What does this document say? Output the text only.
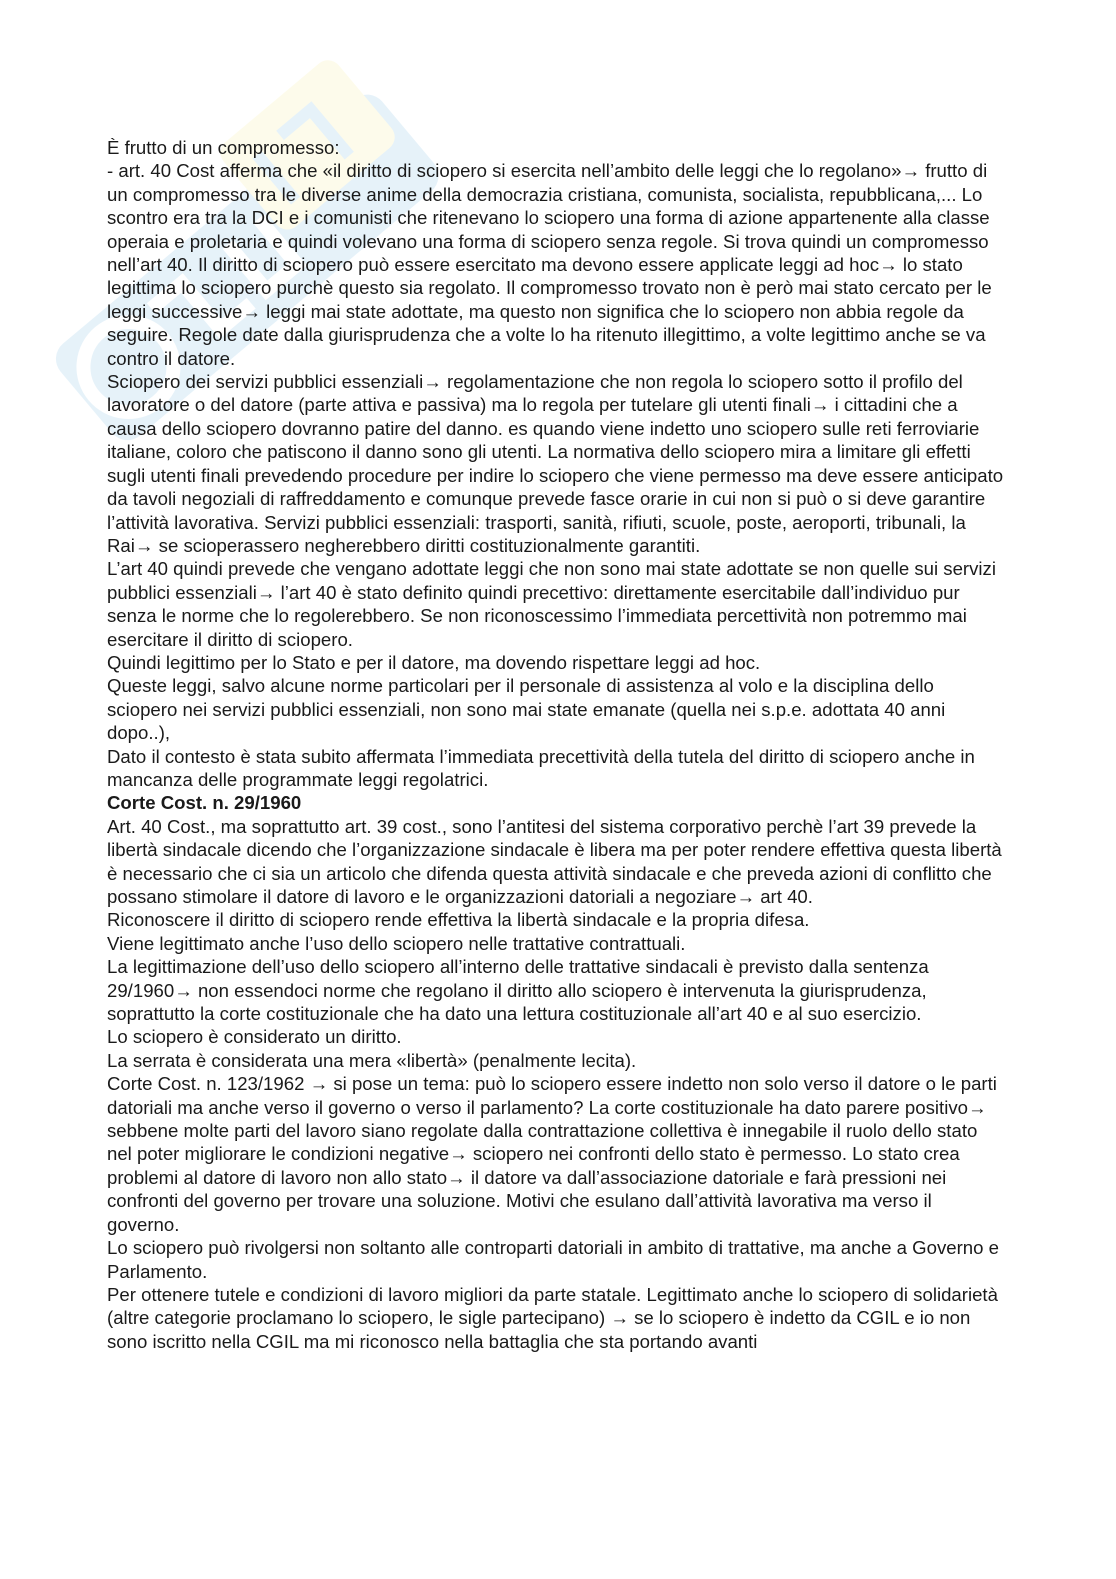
È frutto di un compromesso:

- art. 40 Cost afferma che «il diritto di sciopero si esercita nell’ambito delle leggi che lo regolano»→ frutto di un compromesso tra le diverse anime della democrazia cristiana, comunista, socialista, repubblicana,... Lo scontro era tra la DCI e i comunisti che ritenevano lo sciopero una forma di azione appartenente alla classe operaia e proletaria e quindi volevano una forma di sciopero senza regole. Si trova quindi un compromesso nell’art 40. Il diritto di sciopero può essere esercitato ma devono essere applicate leggi ad hoc→ lo stato legittima lo sciopero purchè questo sia regolato. Il compromesso trovato non è però mai stato cercato per le leggi successive→ leggi mai state adottate, ma questo non significa che lo sciopero non abbia regole da seguire. Regole date dalla giurisprudenza che a volte lo ha ritenuto illegittimo, a volte legittimo anche se va contro il datore.

Sciopero dei servizi pubblici essenziali→ regolamentazione che non regola lo sciopero sotto il profilo del lavoratore o del datore (parte attiva e passiva) ma lo regola per tutelare gli utenti finali→ i cittadini che a causa dello sciopero dovranno patire del danno. es quando viene indetto uno sciopero sulle reti ferroviarie italiane, coloro che patiscono il danno sono gli utenti. La normativa dello sciopero mira a limitare gli effetti sugli utenti finali prevedendo procedure per indire lo sciopero che viene permesso ma deve essere anticipato da tavoli negoziali di raffreddamento e comunque prevede fasce orarie in cui non si può o si deve garantire l’attività lavorativa. Servizi pubblici essenziali: trasporti, sanità, rifiuti, scuole, poste, aeroporti, tribunali, la Rai→ se scioperassero negherebbero diritti costituzionalmente garantiti.

L’art 40 quindi prevede che vengano adottate leggi che non sono mai state adottate se non quelle sui servizi pubblici essenziali→ l’art 40 è stato definito quindi precettivo: direttamente esercitabile dall’individuo pur senza le norme che lo regolerebbero. Se non riconoscessimo l’immediata percettività non potremmo mai esercitare il diritto di sciopero.

Quindi legittimo per lo Stato e per il datore, ma dovendo rispettare leggi ad hoc.

Queste leggi, salvo alcune norme particolari per il personale di assistenza al volo e la disciplina dello sciopero nei servizi pubblici essenziali, non sono mai state emanate (quella nei s.p.e. adottata 40 anni dopo..),

Dato il contesto è stata subito affermata l’immediata precettività della tutela del diritto di sciopero anche in mancanza delle programmate leggi regolatrici.

Corte Cost. n. 29/1960

Art. 40 Cost., ma soprattutto art. 39 cost., sono l’antitesi del sistema corporativo perchè l’art 39 prevede la libertà sindacale dicendo che l’organizzazione sindacale è libera ma per poter rendere effettiva questa libertà è necessario che ci sia un articolo che difenda questa attività sindacale e che preveda azioni di conflitto che possano stimolare il datore di lavoro e le organizzazioni datoriali a negoziare→ art 40.

Riconoscere il diritto di sciopero rende effettiva la libertà sindacale e la propria difesa.

Viene legittimato anche l’uso dello sciopero nelle trattative contrattuali.

La legittimazione dell’uso dello sciopero all’interno delle trattative sindacali è previsto dalla sentenza 29/1960→ non essendoci norme che regolano il diritto allo sciopero è intervenuta la giurisprudenza, soprattutto la corte costituzionale che ha dato una lettura costituzionale all’art 40 e al suo esercizio.

Lo sciopero è considerato un diritto.

La serrata è considerata una mera «libertà» (penalmente lecita).

Corte Cost. n. 123/1962 → si pose un tema: può lo sciopero essere indetto non solo verso il datore o le parti datoriali ma anche verso il governo o verso il parlamento? La corte costituzionale ha dato parere positivo→ sebbene molte parti del lavoro siano regolate dalla contrattazione collettiva è innegabile il ruolo dello stato nel poter migliorare le condizioni negative→ sciopero nei confronti dello stato è permesso. Lo stato crea problemi al datore di lavoro non allo stato→ il datore va dall’associazione datoriale e farà pressioni nei confronti del governo per trovare una soluzione. Motivi che esulano dall’attività lavorativa ma verso il governo.

Lo sciopero può rivolgersi non soltanto alle controparti datoriali in ambito di trattative, ma anche a Governo e Parlamento.

Per ottenere tutele e condizioni di lavoro migliori da parte statale. Legittimato anche lo sciopero di solidarietà (altre categorie proclamano lo sciopero, le sigle partecipano) → se lo sciopero è indetto da CGIL e io non sono iscritto nella CGIL ma mi riconosco nella battaglia che sta portando avanti
